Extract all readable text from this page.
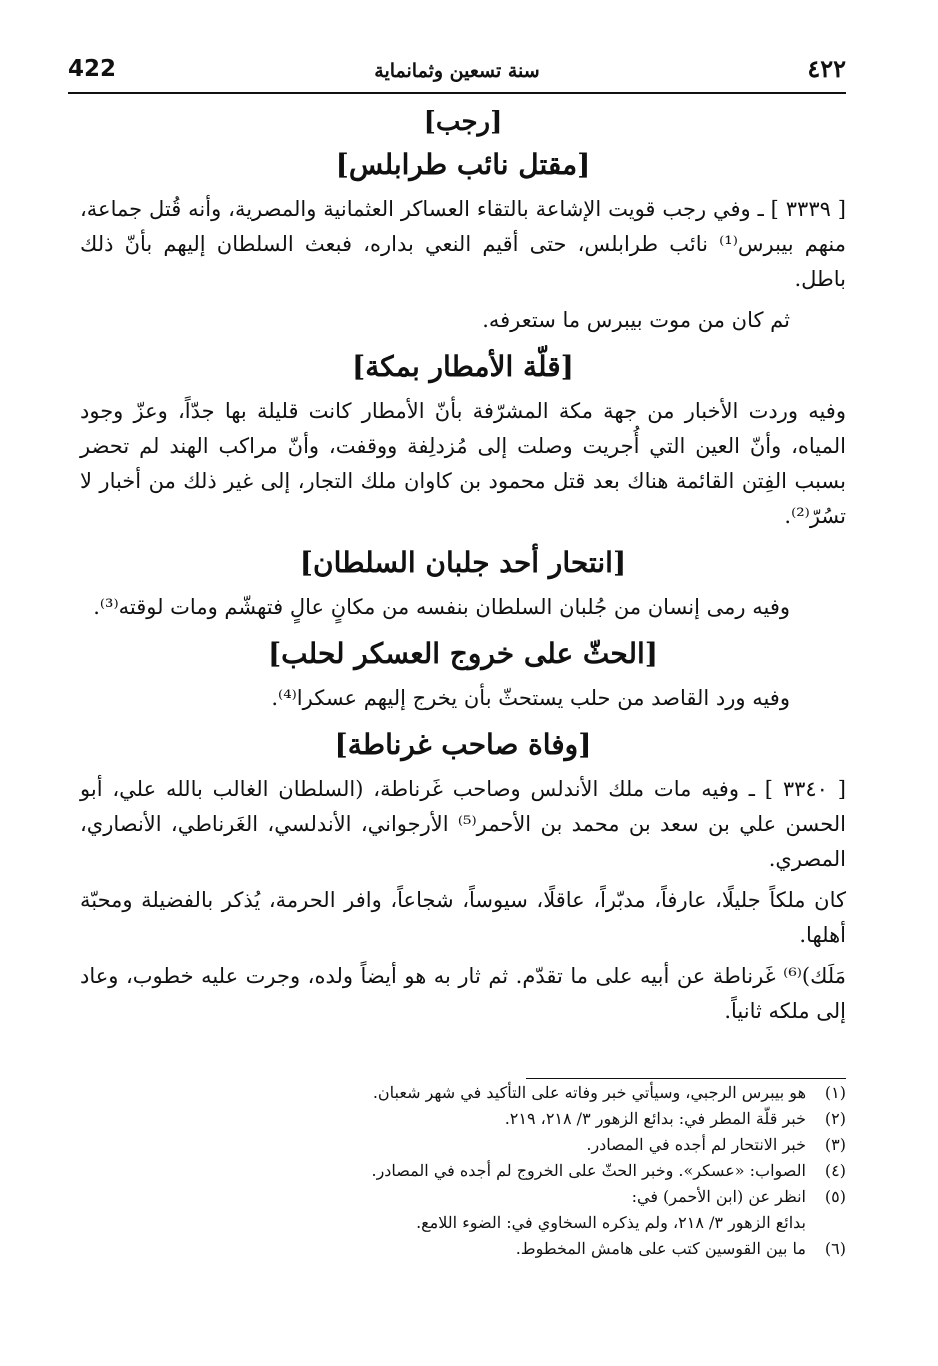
422	سنة تسعين وثمانماية	٤٢٢

[رجب]

[مقتل نائب طرابلس]

[ ٣٣٣٩ ] ـ وفي رجب قويت الإشاعة بالتقاء العساكر العثمانية والمصرية، وأنه قُتل جماعة، منهم بيبرس⁽¹⁾ نائب طرابلس، حتى أقيم النعي بداره، فبعث السلطان إليهم بأنّ ذلك باطل.

ثم كان من موت بيبرس ما ستعرفه.

[قلّة الأمطار بمكة]

وفيه وردت الأخبار من جهة مكة المشرّفة بأنّ الأمطار كانت قليلة بها جدّاً، وعزّ وجود المياه، وأنّ العين التي أُجريت وصلت إلى مُزدلِفة ووقفت، وأنّ مراكب الهند لم تحضر بسبب الفِتن القائمة هناك بعد قتل محمود بن كاوان ملك التجار، إلى غير ذلك من أخبار لا تسُرّ⁽²⁾.

[انتحار أحد جلبان السلطان]

وفيه رمى إنسان من جُلبان السلطان بنفسه من مكانٍ عالٍ فتهشّم ومات لوقته⁽³⁾.

[الحثّ على خروج العسكر لحلب]

وفيه ورد القاصد من حلب يستحثّ بأن يخرج إليهم عسكرا⁽⁴⁾.

[وفاة صاحب غرناطة]

[ ٣٣٤٠ ] ـ وفيه مات ملك الأندلس وصاحب غَرناطة، (السلطان الغالب بالله علي، أبو الحسن علي بن سعد بن محمد بن الأحمر⁽⁵⁾ الأرجواني، الأندلسي، الغَرناطي، الأنصاري، المصري.

كان ملكاً جليلًا، عارفاً، مدبّراً، عاقلًا، سيوساً، شجاعاً، وافر الحرمة، يُذكر بالفضيلة ومحبّة أهلها.

مَلَك)⁽⁶⁾ غَرناطة عن أبيه على ما تقدّم. ثم ثار به هو أيضاً ولده، وجرت عليه خطوب، وعاد إلى ملكه ثانياً.

(١)هو بيبرس الرجبي، وسيأتي خبر وفاته على التأكيد في شهر شعبان.

(٢)خبر قلّة المطر في: بدائع الزهور ٣/ ٢١٨، ٢١٩.

(٣)خبر الانتحار لم أجده في المصادر.

(٤)الصواب: «عسكر». وخبر الحثّ على الخروج لم أجده في المصادر.

(٥)انظر عن (ابن الأحمر) في:

بدائع الزهور ٣/ ٢١٨، ولم يذكره السخاوي في: الضوء اللامع.

(٦)ما بين القوسين كتب على هامش المخطوط.
